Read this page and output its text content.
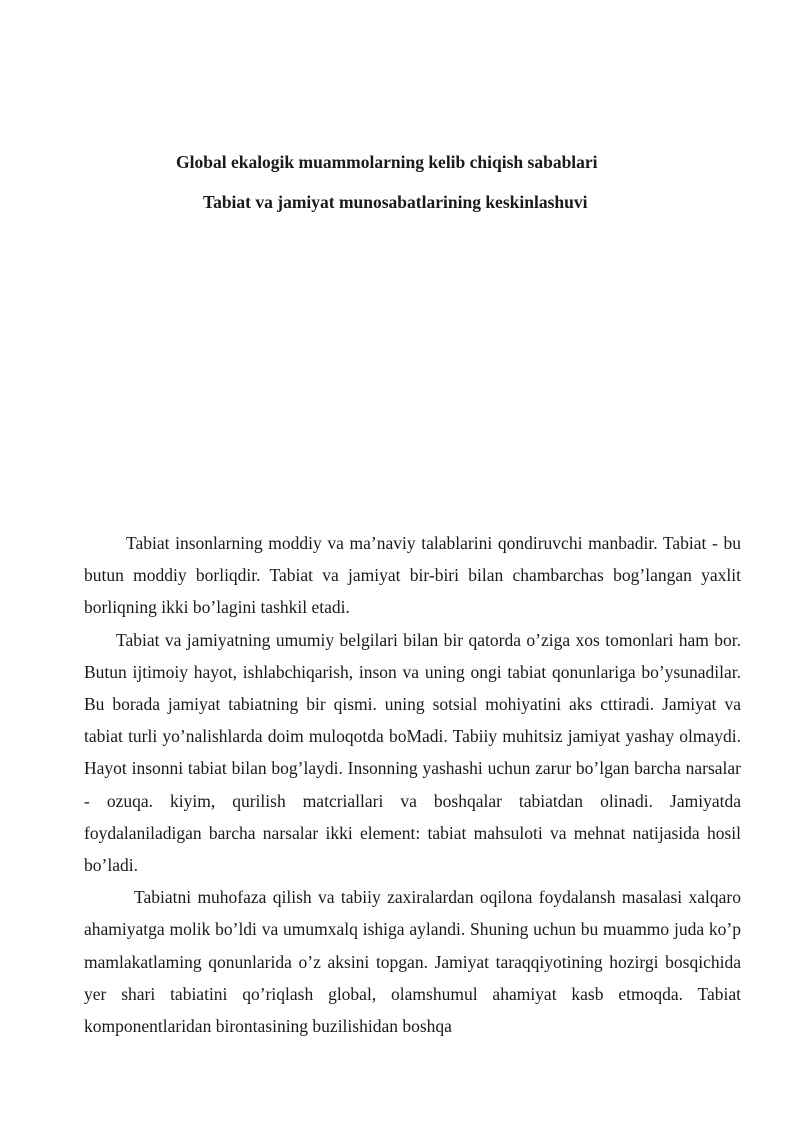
Global ekalogik muammolarning kelib chiqish sabablari
Tabiat va jamiyat munosabatlarining keskinlashuvi

Tabiat insonlarning moddiy va ma’naviy talablarini qondiruvchi manbadir. Tabiat - bu butun moddiy borliqdir. Tabiat va jamiyat bir-biri bilan chambarchas bog’langan yaxlit borliqning ikki bo’lagini tashkil etadi.

Tabiat va jamiyatning umumiy belgilari bilan bir qatorda o’ziga xos tomonlari ham bor. Butun ijtimoiy hayot, ishlabchiqarish, inson va uning ongi tabiat qonunlariga bo’ysunadilar. Bu borada jamiyat tabiatning bir qismi. uning sotsial mohiyatini aks cttiradi. Jamiyat va tabiat turli yo’nalishlarda doim muloqotda boMadi. Tabiiy muhitsiz jamiyat yashay olmaydi. Hayot insonni tabiat bilan bog’laydi. Insonning yashashi uchun zarur bo’lgan barcha narsalar - ozuqa. kiyim, qurilish matcriallari va boshqalar tabiatdan olinadi. Jamiyatda foydalaniladigan barcha narsalar ikki element: tabiat mahsuloti va mehnat natijasida hosil bo’ladi.

Tabiatni muhofaza qilish va tabiiy zaxiralardan oqilona foydalansh masalasi xalqaro ahamiyatga molik bo’ldi va umumxalq ishiga aylandi. Shuning uchun bu muammo juda ko’p mamlakatlaming qonunlarida o’z aksini topgan. Jamiyat taraqqiyotining hozirgi bosqichida yer shari tabiatini qo’riqlash global, olamshumul ahamiyat kasb etmoqda. Tabiat komponentlaridan birontasining buzilishidan boshqa
